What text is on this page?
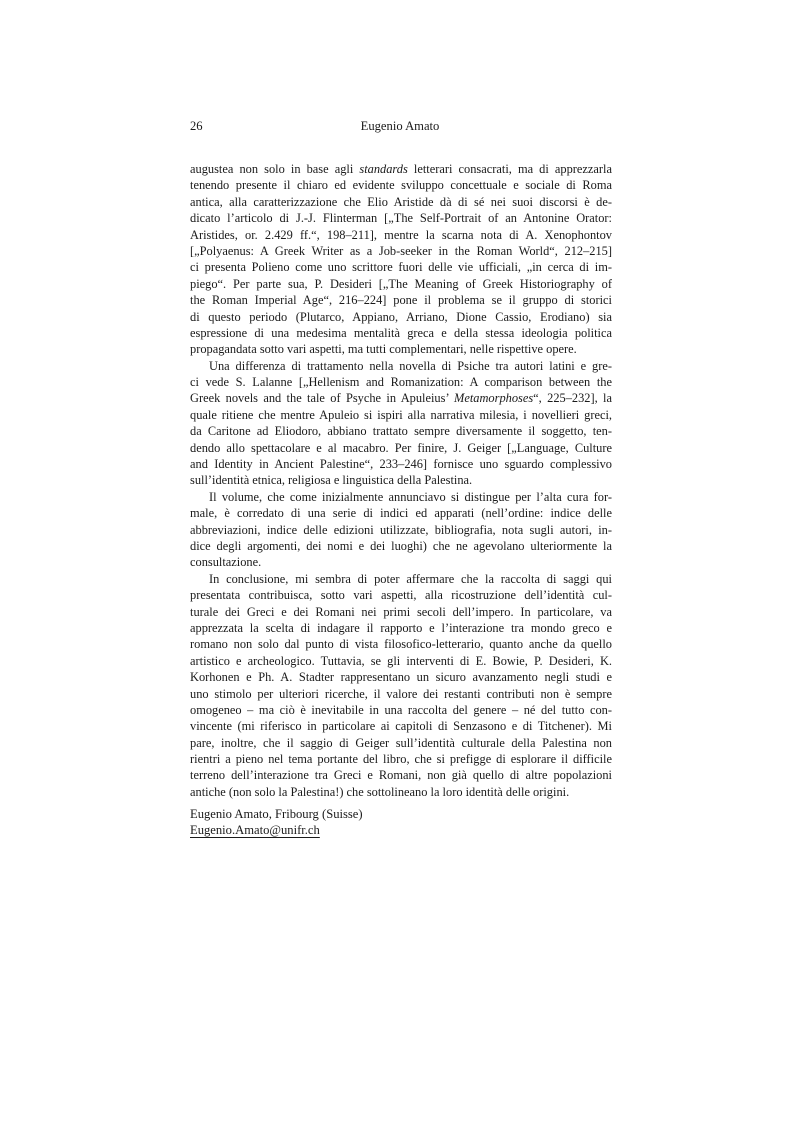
26	Eugenio Amato
augustea non solo in base agli standards letterari consacrati, ma di apprezzarla
tenendo presente il chiaro ed evidente sviluppo concettuale e sociale di Roma
antica, alla caratterizzazione che Elio Aristide dà di sé nei suoi discorsi è de-
dicato l’articolo di J.-J. Flinterman [„The Self-Portrait of an Antonine Orator:
Aristides, or. 2.429 ff.“, 198–211], mentre la scarna nota di A. Xenophontov
[„Polyaenus: A Greek Writer as a Job-seeker in the Roman World“, 212–215]
ci presenta Polieno come uno scrittore fuori delle vie ufficiali, „in cerca di im-
piego“. Per parte sua, P. Desideri [„The Meaning of Greek Historiography of
the Roman Imperial Age“, 216–224] pone il problema se il gruppo di storici
di questo periodo (Plutarco, Appiano, Arriano, Dione Cassio, Erodiano) sia
espressione di una medesima mentalità greca e della stessa ideologia politica
propagandata sotto vari aspetti, ma tutti complementari, nelle rispettive opere.
Una differenza di trattamento nella novella di Psiche tra autori latini e gre-
ci vede S. Lalanne [„Hellenism and Romanization: A comparison between the
Greek novels and the tale of Psyche in Apuleius’ Metamorphoses“, 225–232], la
quale ritiene che mentre Apuleio si ispiri alla narrativa milesia, i novellieri greci,
da Caritone ad Eliodoro, abbiano trattato sempre diversamente il soggetto, ten-
dendo allo spettacolare e al macabro. Per finire, J. Geiger [„Language, Culture
and Identity in Ancient Palestine“, 233–246] fornisce uno sguardo complessivo
sull’identità etnica, religiosa e linguistica della Palestina.
Il volume, che come inizialmente annunciavo si distingue per l’alta cura for-
male, è corredato di una serie di indici ed apparati (nell’ordine: indice delle
abbreviazioni, indice delle edizioni utilizzate, bibliografia, nota sugli autori, in-
dice degli argomenti, dei nomi e dei luoghi) che ne agevolano ulteriormente la
consultazione.
In conclusione, mi sembra di poter affermare che la raccolta di saggi qui
presentata contribuisca, sotto vari aspetti, alla ricostruzione dell’identità cul-
turale dei Greci e dei Romani nei primi secoli dell’impero. In particolare, va
apprezzata la scelta di indagare il rapporto e l’interazione tra mondo greco e
romano non solo dal punto di vista filosofico-letterario, quanto anche da quello
artistico e archeologico. Tuttavia, se gli interventi di E. Bowie, P. Desideri, K.
Korhonen e Ph. A. Stadter rappresentano un sicuro avanzamento negli studi e
uno stimolo per ulteriori ricerche, il valore dei restanti contributi non è sempre
omogeneo – ma ciò è inevitabile in una raccolta del genere – né del tutto con-
vincente (mi riferisco in particolare ai capitoli di Senzasono e di Titchener). Mi
pare, inoltre, che il saggio di Geiger sull’identità culturale della Palestina non
rientri a pieno nel tema portante del libro, che si prefigge di esplorare il difficile
terreno dell’interazione tra Greci e Romani, non già quello di altre popolazioni
antiche (non solo la Palestina!) che sottolineano la loro identità delle origini.
Eugenio Amato, Fribourg (Suisse)
Eugenio.Amato@unifr.ch
